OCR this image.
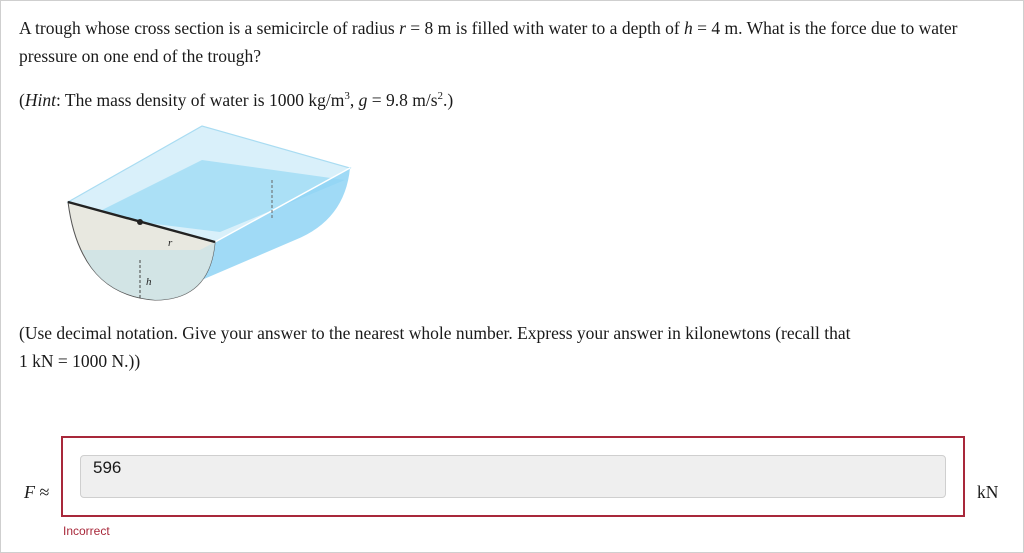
A trough whose cross section is a semicircle of radius r = 8 m is filled with water to a depth of h = 4 m. What is the force due to water pressure on one end of the trough?
(Hint: The mass density of water is 1000 $kg/m^3$, g = 9.8 $m/s^2$.)
r
h
(Use decimal notation. Give your answer to the nearest whole number. Express your answer in kilonewtons (recall that
1 kN = 1000 N.))
F ≈
596
kN
Incorrect
